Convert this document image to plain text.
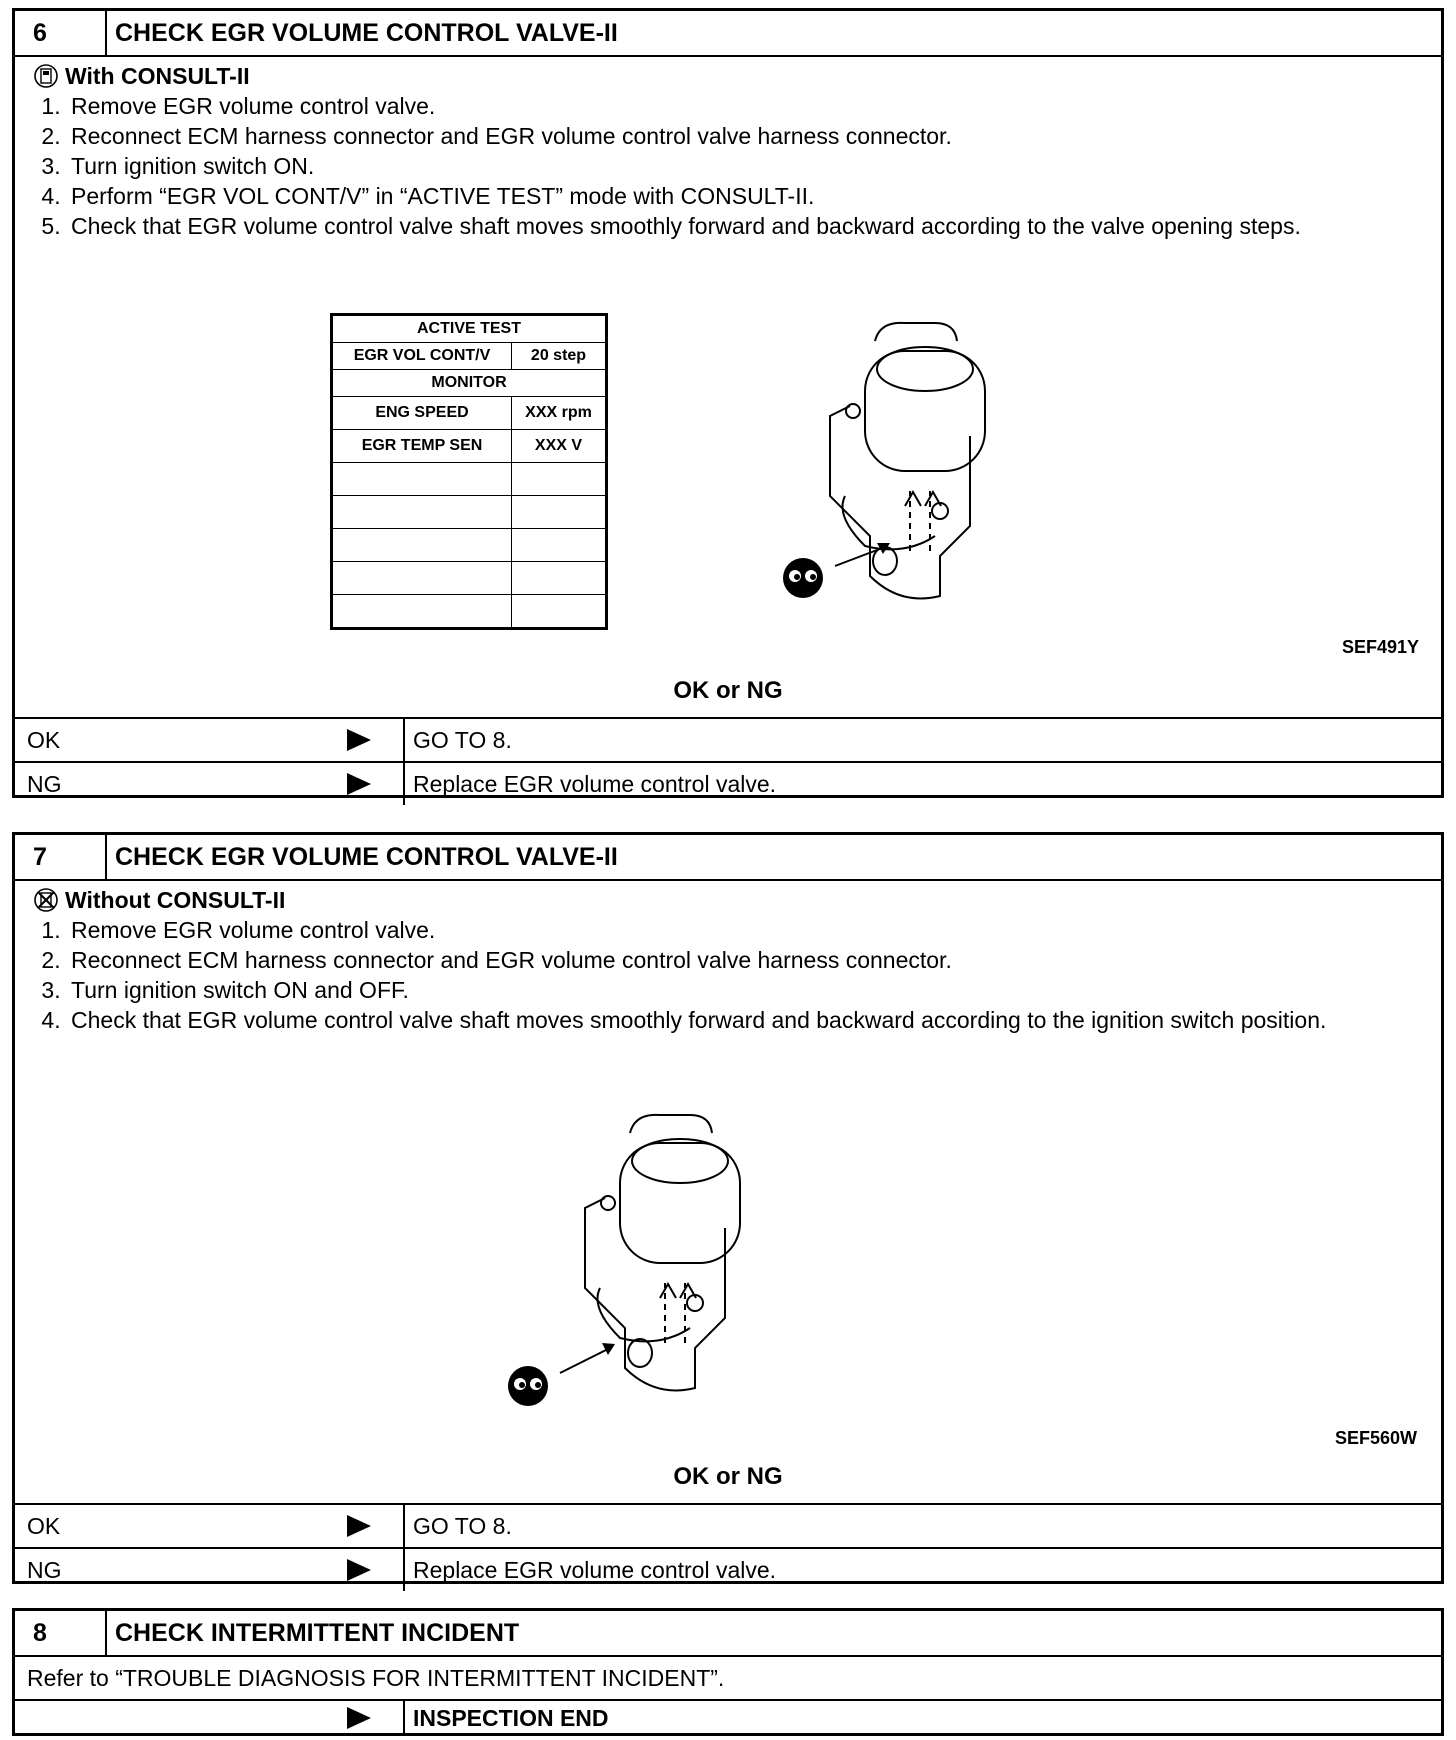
6	CHECK EGR VOLUME CONTROL VALVE-II
With CONSULT-II
1. Remove EGR volume control valve.
2. Reconnect ECM harness connector and EGR volume control valve harness connector.
3. Turn ignition switch ON.
4. Perform “EGR VOL CONT/V” in “ACTIVE TEST” mode with CONSULT-II.
5. Check that EGR volume control valve shaft moves smoothly forward and backward according to the valve opening steps.
ACTIVE TEST	
EGR VOL CONT/V	20 step
MONITOR	
ENG SPEED	XXX rpm
EGR TEMP SEN	XXX V

SEF491Y
OK or NG
OK	GO TO 8.
NG	Replace EGR volume control valve.
7	CHECK EGR VOLUME CONTROL VALVE-II
Without CONSULT-II
1. Remove EGR volume control valve.
2. Reconnect ECM harness connector and EGR volume control valve harness connector.
3. Turn ignition switch ON and OFF.
4. Check that EGR volume control valve shaft moves smoothly forward and backward according to the ignition switch position.
SEF560W
OK or NG
OK	GO TO 8.
NG	Replace EGR volume control valve.
8	CHECK INTERMITTENT INCIDENT
Refer to “TROUBLE DIAGNOSIS FOR INTERMITTENT INCIDENT”.
INSPECTION END
